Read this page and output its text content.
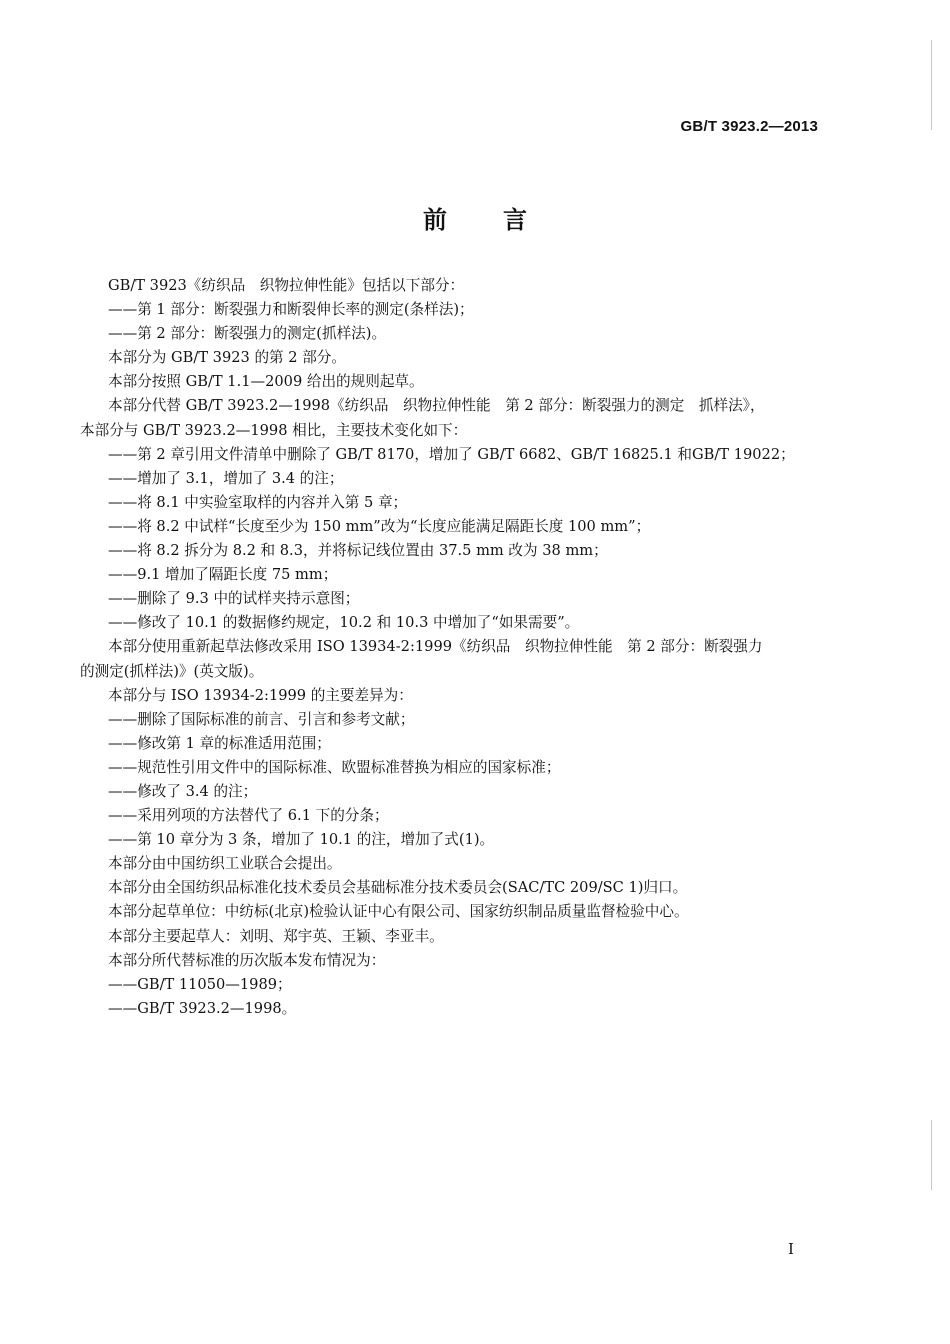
GB/T 3923.2—2013
前 言
GB/T 3923《纺织品　织物拉伸性能》包括以下部分：
——第 1 部分：断裂强力和断裂伸长率的测定(条样法)；
——第 2 部分：断裂强力的测定(抓样法)。
本部分为 GB/T 3923 的第 2 部分。
本部分按照 GB/T 1.1—2009 给出的规则起草。
本部分代替 GB/T 3923.2—1998《纺织品　织物拉伸性能　第 2 部分：断裂强力的测定　抓样法》，
本部分与 GB/T 3923.2—1998 相比，主要技术变化如下：
——第 2 章引用文件清单中删除了 GB/T 8170，增加了 GB/T 6682、GB/T 16825.1 和GB/T 19022；
——增加了 3.1，增加了 3.4 的注；
——将 8.1 中实验室取样的内容并入第 5 章；
——将 8.2 中试样“长度至少为 150 mm”改为“长度应能满足隔距长度 100 mm”；
——将 8.2 拆分为 8.2 和 8.3，并将标记线位置由 37.5 mm 改为 38 mm；
——9.1 增加了隔距长度 75 mm；
——删除了 9.3 中的试样夹持示意图；
——修改了 10.1 的数据修约规定，10.2 和 10.3 中增加了“如果需要”。
本部分使用重新起草法修改采用 ISO 13934-2:1999《纺织品　织物拉伸性能　第 2 部分：断裂强力
的测定(抓样法)》(英文版)。
本部分与 ISO 13934-2:1999 的主要差异为：
——删除了国际标准的前言、引言和参考文献；
——修改第 1 章的标准适用范围；
——规范性引用文件中的国际标准、欧盟标准替换为相应的国家标准；
——修改了 3.4 的注；
——采用列项的方法替代了 6.1 下的分条；
——第 10 章分为 3 条，增加了 10.1 的注，增加了式(1)。
本部分由中国纺织工业联合会提出。
本部分由全国纺织品标准化技术委员会基础标准分技术委员会(SAC/TC 209/SC 1)归口。
本部分起草单位：中纺标(北京)检验认证中心有限公司、国家纺织制品质量监督检验中心。
本部分主要起草人：刘明、郑宇英、王颖、李亚丰。
本部分所代替标准的历次版本发布情况为：
——GB/T 11050—1989；
——GB/T 3923.2—1998。
I
